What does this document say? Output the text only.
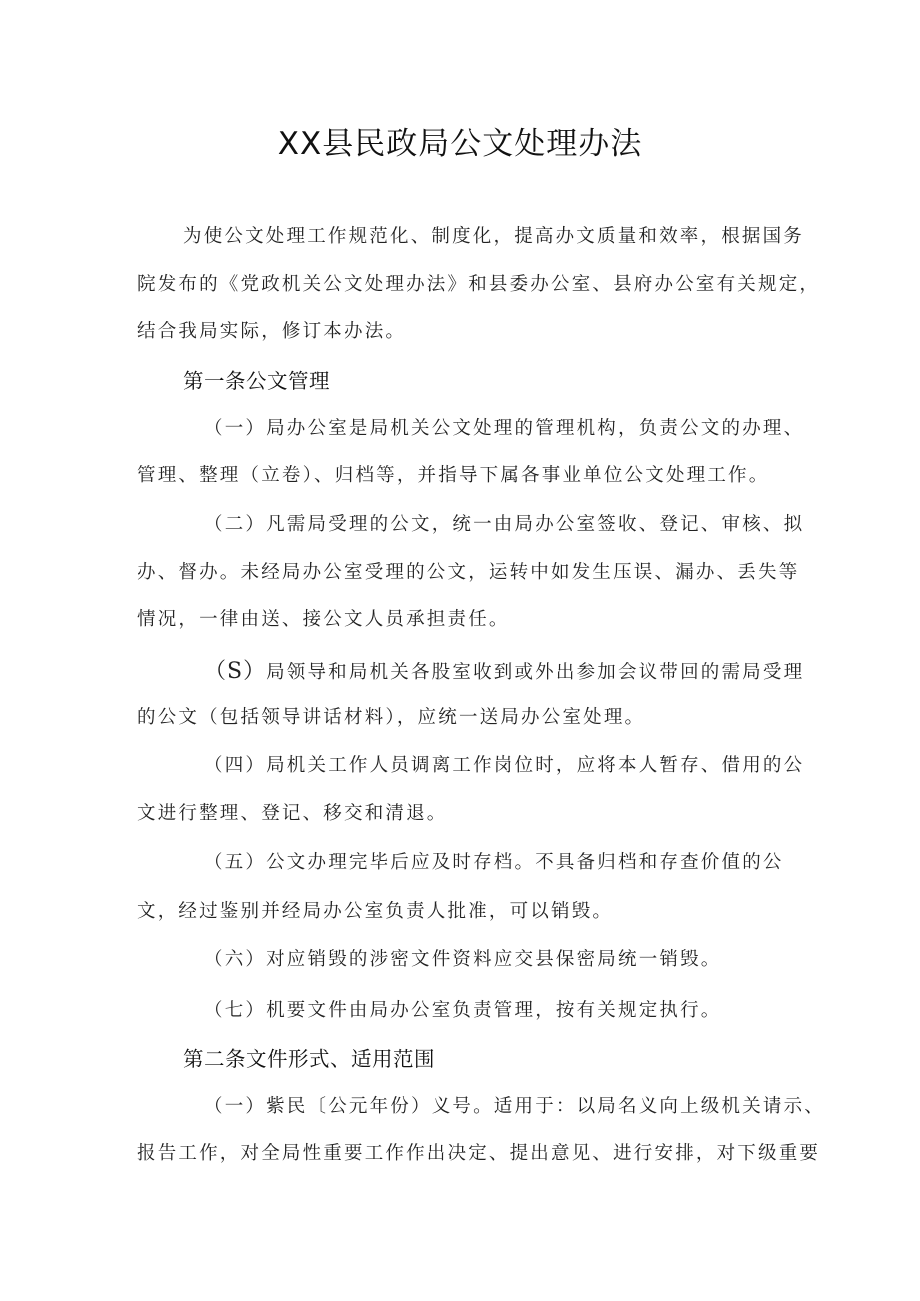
XX县民政局公文处理办法
为使公文处理工作规范化、制度化，提高办文质量和效率，根据国务
院发布的《党政机关公文处理办法》和县委办公室、县府办公室有关规定，
结合我局实际，修订本办法。
第一条公文管理
（一）局办公室是局机关公文处理的管理机构，负责公文的办理、
管理、整理（立卷）、归档等，并指导下属各事业单位公文处理工作。
（二）凡需局受理的公文，统一由局办公室签收、登记、审核、拟
办、督办。未经局办公室受理的公文，运转中如发生压误、漏办、丢失等
情况，一律由送、接公文人员承担责任。
（S）局领导和局机关各股室收到或外出参加会议带回的需局受理
的公文（包括领导讲话材料），应统一送局办公室处理。
（四）局机关工作人员调离工作岗位时，应将本人暂存、借用的公
文进行整理、登记、移交和清退。
（五）公文办理完毕后应及时存档。不具备归档和存查价值的公
文，经过鉴别并经局办公室负责人批准，可以销毁。
（六）对应销毁的涉密文件资料应交县保密局统一销毁。
（七）机要文件由局办公室负责管理，按有关规定执行。
第二条文件形式、适用范围
（一）紫民〔公元年份）义号。适用于：以局名义向上级机关请示、
报告工作，对全局性重要工作作出决定、提出意见、进行安排，对下级重要
